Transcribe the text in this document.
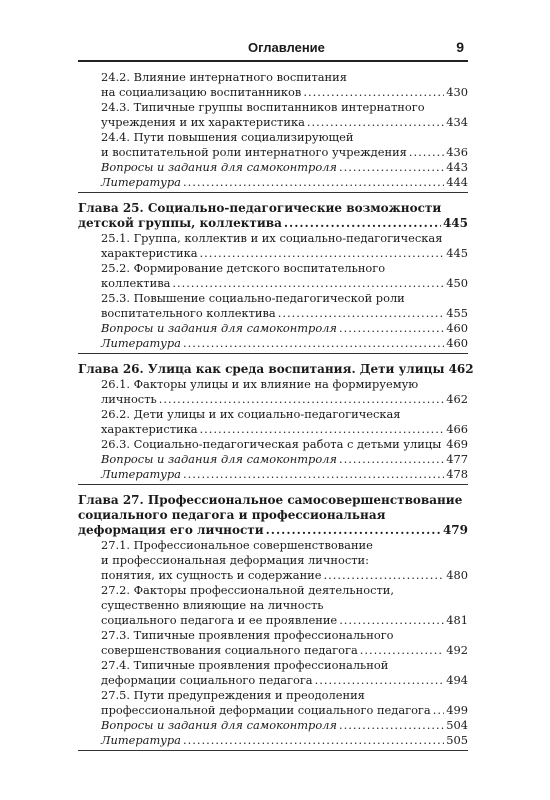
Оглавление	9
24.2. Влияние интернатного воспитания
на социализацию воспитанников .....	430
24.3. Типичные группы воспитанников интернатного
учреждения и их характеристика .....	434
24.4. Пути повышения социализирующей
и воспитательной роли интернатного учреждения .....	436
Вопросы и задания для самоконтроля .....	443
Литература .....	444
Глава 25. Социально-педагогические возможности
детской группы, коллектива .....	445
25.1. Группа, коллектив и их социально-педагогическая
характеристика .....	445
25.2. Формирование детского воспитательного
коллектива .....	450
25.3. Повышение социально-педагогической роли
воспитательного коллектива .....	455
Вопросы и задания для самоконтроля .....	460
Литература .....	460
Глава 26. Улица как среда воспитания. Дети улицы 462
26.1. Факторы улицы и их влияние на формируемую
личность .....	462
26.2. Дети улицы и их социально-педагогическая
характеристика .....	466
26.3. Социально-педагогическая работа с детьми улицы ..... 469
Вопросы и задания для самоконтроля .....	477
Литература .....	478
Глава 27. Профессиональное самосовершенствование
социального педагога и профессиональная
деформация его личности .....	479
27.1. Профессиональное совершенствование
и профессиональная деформация личности:
понятия, их сущность и содержание .....	480
27.2. Факторы профессиональной деятельности,
существенно влияющие на личность
социального педагога и ее проявление .....	481
27.3. Типичные проявления профессионального
совершенствования социального педагога .....	492
27.4. Типичные проявления профессиональной
деформации социального педагога .....	494
27.5. Пути предупреждения и преодоления
профессиональной деформации социального педагога ..... 499
Вопросы и задания для самоконтроля .....	504
Литература .....	505
